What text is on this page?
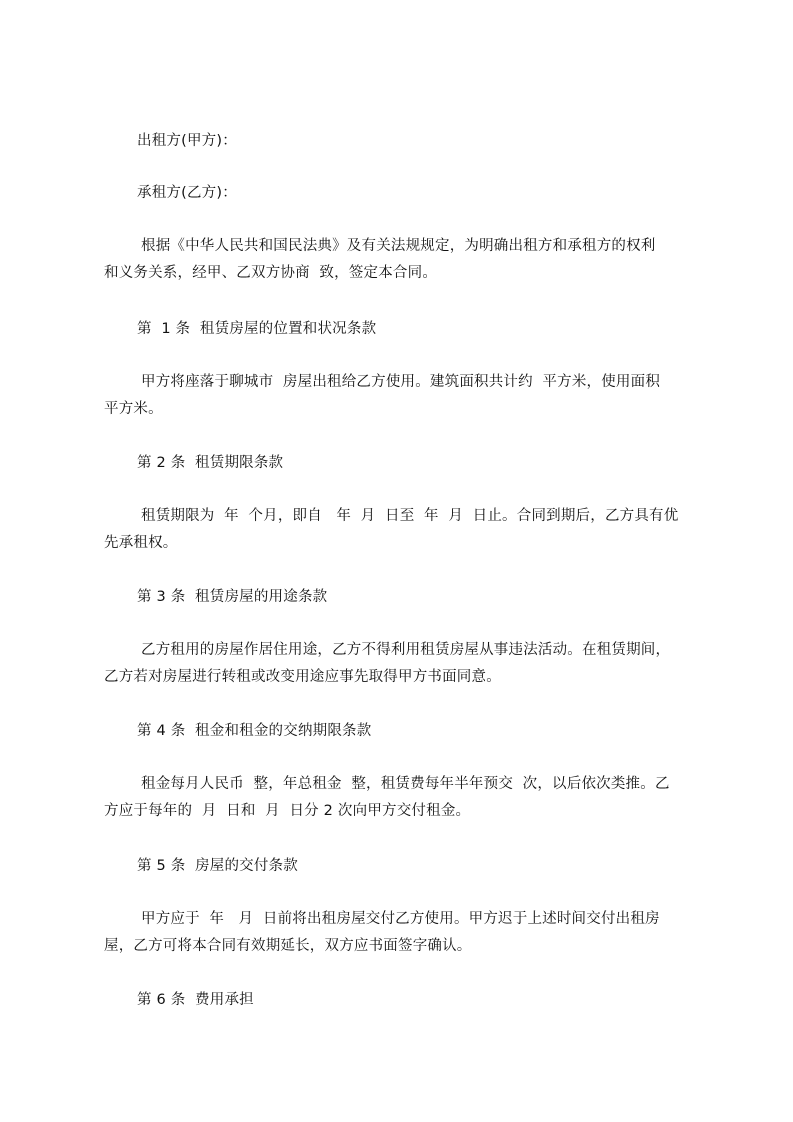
出租方(甲方)：

承租方(乙方)：

根据《中华人民共和国民法典》及有关法规规定，为明确出租方和承租方的权利

和义务关系，经甲、乙双方协商  致，签定本合同。

第  1 条  租赁房屋的位置和状况条款

甲方将座落于聊城市  房屋出租给乙方使用。建筑面积共计约  平方米，使用面积

平方米。

第 2 条  租赁期限条款

租赁期限为  年  个月，即自   年  月  日至  年  月  日止。合同到期后，乙方具有优

先承租权。

第 3 条  租赁房屋的用途条款

乙方租用的房屋作居住用途，乙方不得利用租赁房屋从事违法活动。在租赁期间，

乙方若对房屋进行转租或改变用途应事先取得甲方书面同意。

第 4 条  租金和租金的交纳期限条款

租金每月人民币  整，年总租金  整，租赁费每年半年预交  次，以后依次类推。乙

方应于每年的  月  日和  月  日分 2 次向甲方交付租金。

第 5 条  房屋的交付条款

甲方应于  年   月  日前将出租房屋交付乙方使用。甲方迟于上述时间交付出租房

屋，乙方可将本合同有效期延长，双方应书面签字确认。

第 6 条  费用承担
